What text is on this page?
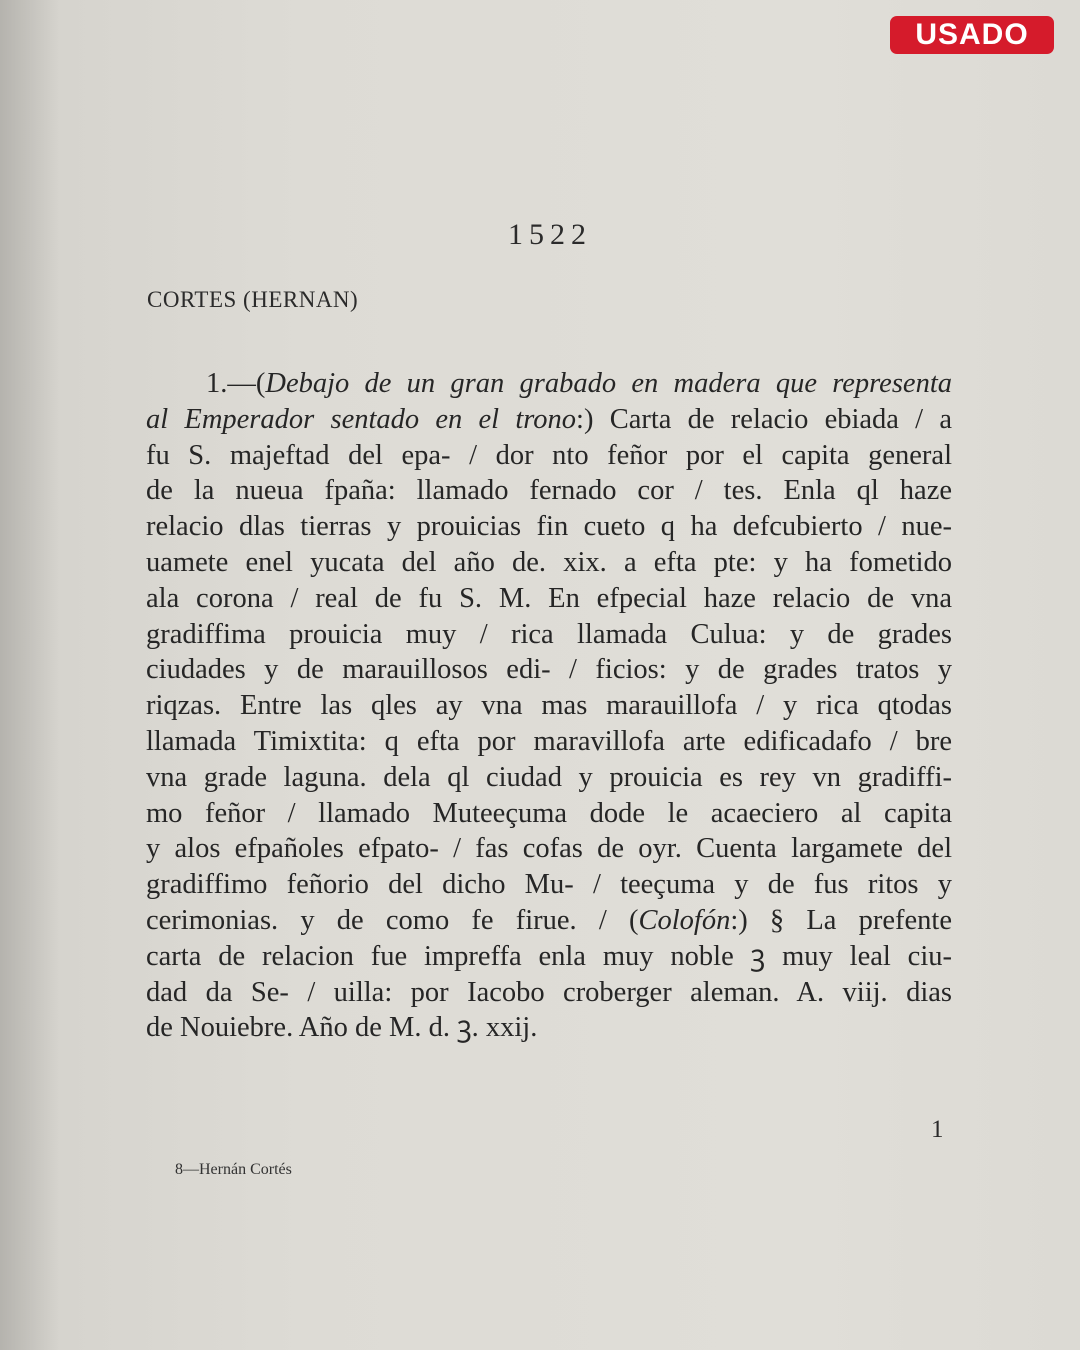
USADO
1522
CORTES (HERNAN)
1.—(Debajo de un gran grabado en madera que representa
al Emperador sentado en el trono:) Carta de relacio ebiada / a
fu S. majeftad del epa- / dor nto feñor por el capita general
de la nueua fpaña: llamado fernado cor / tes. Enla ql haze
relacio dlas tierras y prouicias fin cueto q ha defcubierto / nue-
uamete enel yucata del año de. xix. a efta pte: y ha fometido
ala corona / real de fu S. M. En efpecial haze relacio de vna
gradiffima prouicia muy / rica llamada Culua: y de grades
ciudades y de marauillosos edi- / ficios: y de grades tratos y
riqzas. Entre las qles ay vna mas marauillofa / y rica qtodas
llamada Timixtita: q efta por maravillofa arte edificadafo / bre
vna grade laguna. dela ql ciudad y prouicia es rey vn gradiffi-
mo feñor / llamado Muteeçuma dode le acaeciero al capita
y alos efpañoles efpato- / fas cofas de oyr. Cuenta largamete del
gradiffimo feñorio del dicho Mu- / teeçuma y de fus ritos y
cerimonias. y de como fe firue. / (Colofón:) § La prefente
carta de relacion fue impreffa enla muy noble ꝫ muy leal ciu-
dad da Se- / uilla: por Iacobo croberger aleman. A. viij. dias
de Nouiebre. Año de M. d. ꝫ. xxij.
1
8—Hernán Cortés
